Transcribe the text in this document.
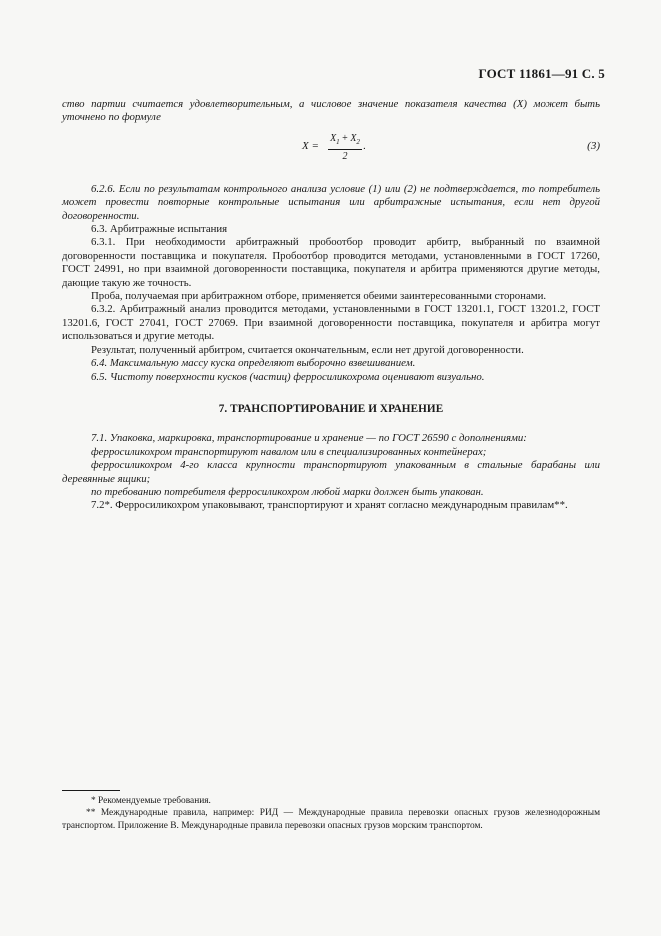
ГОСТ 11861—91 С. 5

ство партии считается удовлетворительным, а числовое значение показателя качества (X) может быть уточнено по формуле

$X = \frac{X_1 + X_2}{2}$ .	(3)

6.2.6. Если по результатам контрольного анализа условие (1) или (2) не подтверждается, то потребитель может провести повторные контрольные испытания или арбитражные испытания, если нет другой договоренности.

6.3. Арбитражные испытания

6.3.1. При необходимости арбитражный пробоотбор проводит арбитр, выбранный по взаимной договоренности поставщика и покупателя. Пробоотбор проводится методами, установленными в ГОСТ 17260, ГОСТ 24991, но при взаимной договоренности поставщика, покупателя и арбитра применяются другие методы, дающие такую же точность.

Проба, получаемая при арбитражном отборе, применяется обеими заинтересованными сторонами.

6.3.2. Арбитражный анализ проводится методами, установленными в ГОСТ 13201.1, ГОСТ 13201.2, ГОСТ 13201.6, ГОСТ 27041, ГОСТ 27069. При взаимной договоренности поставщика, покупателя и арбитра могут использоваться и другие методы.

Результат, полученный арбитром, считается окончательным, если нет другой договоренности.

6.4. Максимальную массу куска определяют выборочно взвешиванием.

6.5. Чистоту поверхности кусков (частиц) ферросиликохрома оценивают визуально.

7. ТРАНСПОРТИРОВАНИЕ И ХРАНЕНИЕ

7.1. Упаковка, маркировка, транспортирование и хранение — по ГОСТ 26590 с дополнениями:

ферросиликохром транспортируют навалом или в специализированных контейнерах;

ферросиликохром 4-го класса крупности транспортируют упакованным в стальные барабаны или деревянные ящики;

по требованию потребителя ферросиликохром любой марки должен быть упакован.

7.2*. Ферросиликохром упаковывают, транспортируют и хранят согласно международным правилам**.

* Рекомендуемые требования.

** Международные правила, например: РИД — Международные правила перевозки опасных грузов железнодорожным транспортом. Приложение В. Международные правила перевозки опасных грузов морским транспортом.
